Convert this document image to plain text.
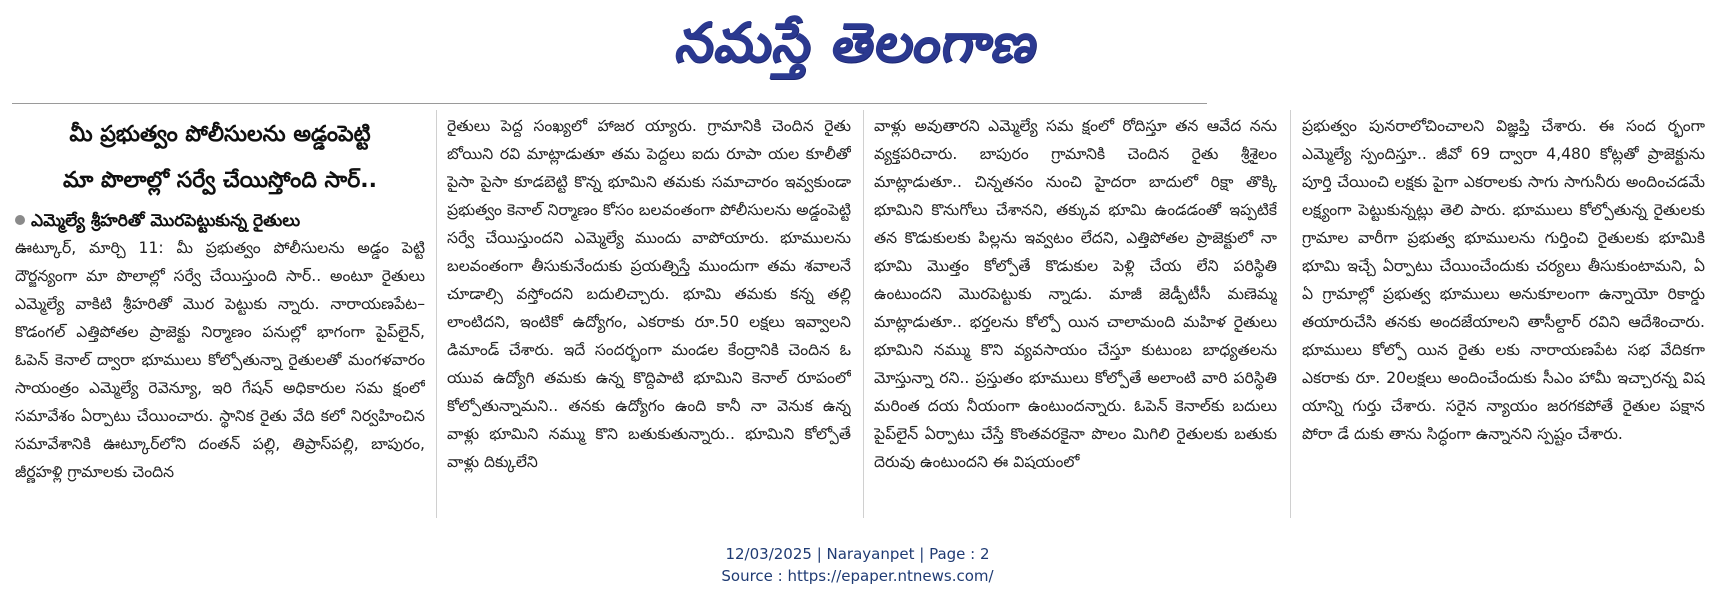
నమస్తే తెలంగాణ
మీ ప్రభుత్వం పోలీసులను అడ్డంపెట్టి
మా పొలాల్లో సర్వే చేయిస్తోంది సార్..
ఎమ్మెల్యే శ్రీహరితో మొరపెట్టుకున్న రైతులు

ఊట్కూర్, మార్చి 11: మీ ప్రభుత్వం పోలీసులను అడ్డం పెట్టి దౌర్జన్యంగా మా పొలాల్లో సర్వే చేయిస్తుంది సార్.. అంటూ రైతులు ఎమ్మెల్యే వాకిటి శ్రీహరితో మొర పెట్టుకు న్నారు. నారాయణపేట– కొడంగల్ ఎత్తిపోతల ప్రాజెక్టు నిర్మాణం పనుల్లో భాగంగా పైప్‌లైన్, ఓపెన్ కెనాల్ ద్వారా భూములు కోల్పోతున్నా రైతులతో మంగళవారం సాయంత్రం ఎమ్మెల్యే రెవెన్యూ, ఇరి గేషన్ అధికారుల సమ క్షంలో సమావేశం ఏర్పాటు చేయించారు. స్థానిక రైతు వేది కలో నిర్వహించిన సమావేశానికి ఊట్కూర్‌లోని దంతన్ పల్లి, తిప్రాస్‌పల్లి, బాపురం, జీర్ణహళ్లి గ్రామాలకు చెందిన

రైతులు పెద్ద సంఖ్యలో హాజర య్యారు. గ్రామానికి చెందిన రైతు బోయిని రవి మాట్లాడుతూ తమ పెద్దలు ఐదు రూపా యల కూలీతో పైసా పైసా కూడబెట్టి కొన్న భూమిని తమకు సమాచారం ఇవ్వకుండా ప్రభుత్వం కెనాల్ నిర్మాణం కోసం బలవంతంగా పోలీసులను అడ్డంపెట్టి సర్వే చేయిస్తుందని ఎమ్మెల్యే ముందు వాపోయారు. భూములను బలవంతంగా తీసుకునేందుకు ప్రయత్నిస్తే ముందుగా తమ శవాలనే చూడాల్సి వస్తోందని బదులిచ్చారు. భూమి తమకు కన్న తల్లి లాంటిదని, ఇంటికో ఉద్యోగం, ఎకరాకు రూ.50 లక్షలు ఇవ్వాలని డిమాండ్ చేశారు. ఇదే సందర్భంగా మండల కేంద్రానికి చెందిన ఓ యువ ఉద్యోగి తమకు ఉన్న కొద్దిపాటి భూమిని కెనాల్ రూపంలో కోల్పోతున్నామని.. తనకు ఉద్యోగం ఉంది కానీ నా వెనుక ఉన్న వాళ్లు భూమిని నమ్ము కొని బతుకుతున్నారు.. భూమిని కోల్పోతే వాళ్లు దిక్కులేని

వాళ్లు అవుతారని ఎమ్మెల్యే సమ క్షంలో రోదిస్తూ తన ఆవేద నను వ్యక్తపరిచారు. బాపురం గ్రామానికి చెందిన రైతు శ్రీశైలం మాట్లాడుతూ.. చిన్నతనం నుంచి హైదరా బాదులో రిక్షా తొక్కి భూమిని కొనుగోలు చేశానని, తక్కువ భూమి ఉండడంతో ఇప్పటికే తన కొడుకులకు పిల్లను ఇవ్వటం లేదని, ఎత్తిపోతల ప్రాజెక్టులో నా భూమి మొత్తం కోల్పోతే కొడుకుల పెళ్లి చేయ లేని పరిస్థితి ఉంటుందని మొరపెట్టుకు న్నాడు. మాజీ జెడ్పీటీసీ మణెమ్మ మాట్లాడుతూ.. భర్తలను కోల్పో యిన చాలామంది మహిళ రైతులు భూమిని నమ్ము కొని వ్యవసాయం చేస్తూ కుటుంబ బాధ్యతలను మోస్తున్నా రని.. ప్రస్తుతం భూములు కోల్పోతే అలాంటి వారి పరిస్థితి మరింత దయ నీయంగా ఉంటుందన్నారు. ఓపెన్ కెనాల్‌కు బదులు పైప్‌లైన్ ఏర్పాటు చేస్తే కొంతవరకైనా పొలం మిగిలి రైతులకు బతుకు దెరువు ఉంటుందని ఈ విషయంలో

ప్రభుత్వం పునరాలోచించాలని విజ్ఞప్తి చేశారు. ఈ సంద ర్భంగా ఎమ్మెల్యే స్పందిస్తూ.. జీవో 69 ద్వారా 4,480 కోట్లతో ప్రాజెక్టును పూర్తి చేయించి లక్షకు పైగా ఎకరాలకు సాగు సాగునీరు అందించడమే లక్ష్యంగా పెట్టుకున్నట్లు తెలి పారు. భూములు కోల్పోతున్న రైతులకు గ్రామాల వారీగా ప్రభుత్వ భూములను గుర్తించి రైతులకు భూమికి భూమి ఇచ్చే ఏర్పాటు చేయించేందుకు చర్యలు తీసుకుంటామని, ఏ ఏ గ్రామాల్లో ప్రభుత్వ భూములు అనుకూలంగా ఉన్నాయో రికార్డు తయారుచేసి తనకు అందజేయాలని తాసీల్దార్ రవిని ఆదేశించారు. భూములు కోల్పో యిన రైతు లకు నారాయణపేట సభ వేదికగా ఎకరాకు రూ. 20లక్షలు అందించేందుకు సీఎం హామీ ఇచ్చారన్న విష యాన్ని గుర్తు చేశారు. సరైన న్యాయం జరగకపోతే రైతుల పక్షాన పోరా డే దుకు తాను సిద్ధంగా ఉన్నానని స్పష్టం చేశారు.

12/03/2025 | Narayanpet | Page : 2
Source : https://epaper.ntnews.com/
